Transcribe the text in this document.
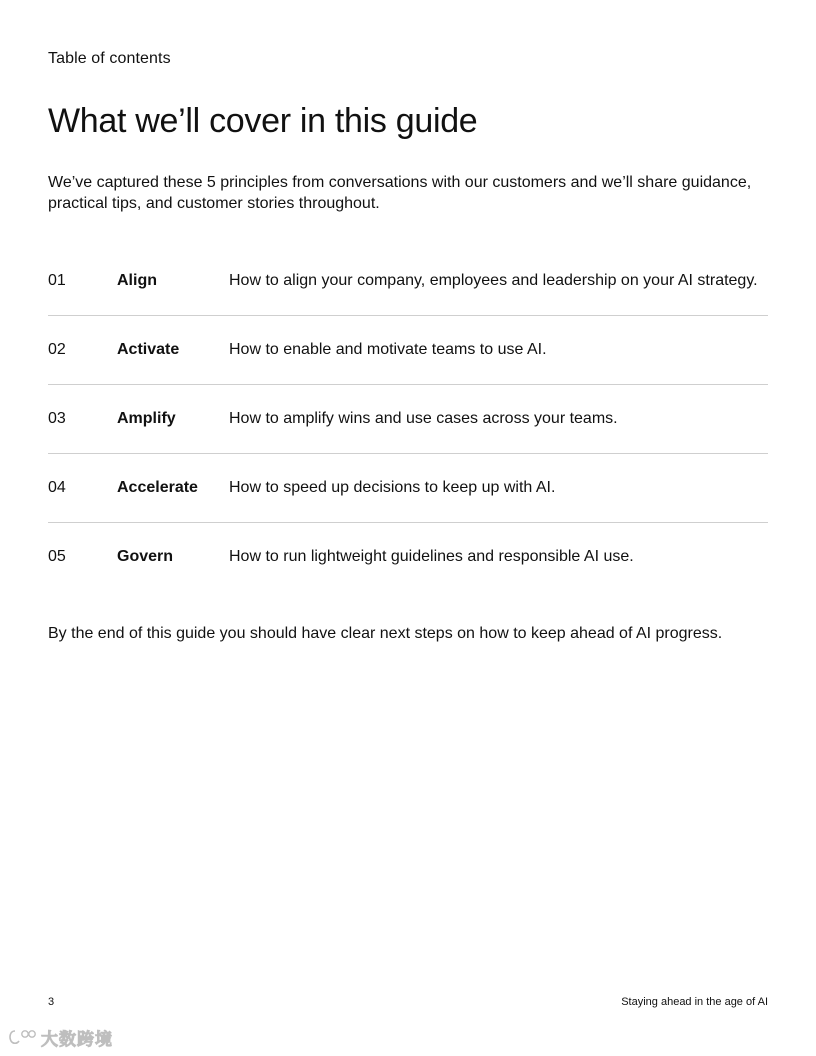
Table of contents
What we’ll cover in this guide

We’ve captured these 5 principles from conversations with our customers and we’ll share guidance, practical tips, and customer stories throughout.

01	Align	How to align your company, employees and leadership on your AI strategy.
02	Activate	How to enable and motivate teams to use AI.
03	Amplify	How to amplify wins and use cases across your teams.
04	Accelerate How to speed up decisions to keep up with AI.
05	Govern	How to run lightweight guidelines and responsible AI use.

By the end of this guide you should have clear next steps on how to keep ahead of AI progress.

3	Staying ahead in the age of AI
大数跨境
